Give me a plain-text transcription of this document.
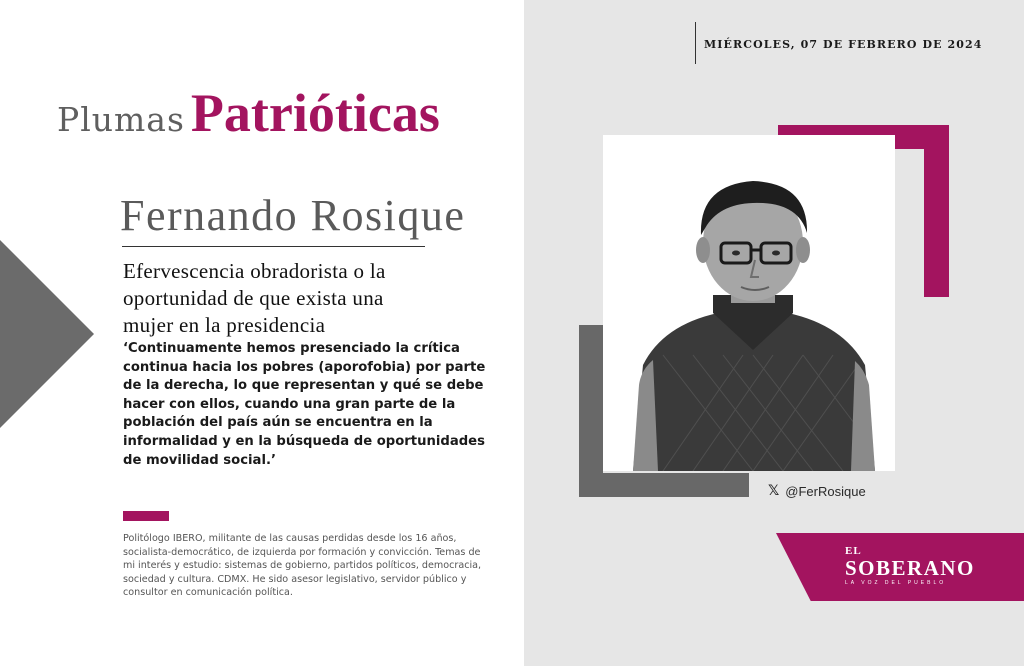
Plumas Patrióticas
Fernando Rosique
Efervescencia obradorista o la
oportunidad de que exista una
mujer en la presidencia
‘Continuamente hemos presenciado la crítica continua hacia los pobres (aporofobia) por parte de la derecha, lo que representan y qué se debe hacer con ellos, cuando una gran parte de la población del país aún se encuentra en la informalidad y en la búsqueda de oportunidades de movilidad social.’
Politólogo IBERO, militante de las causas perdidas desde los 16 años, socialista-democrático, de izquierda por formación y convicción. Temas de mi interés y estudio: sistemas de gobierno, partidos políticos, democracia, sociedad y cultura. CDMX. He sido asesor legislativo, servidor público y consultor en comunicación política.
MIÉRCOLES, 07 DE FEBRERO DE 2024
𝕏 @FerRosique
EL
SOBERANO
LA VOZ DEL PUEBLO
